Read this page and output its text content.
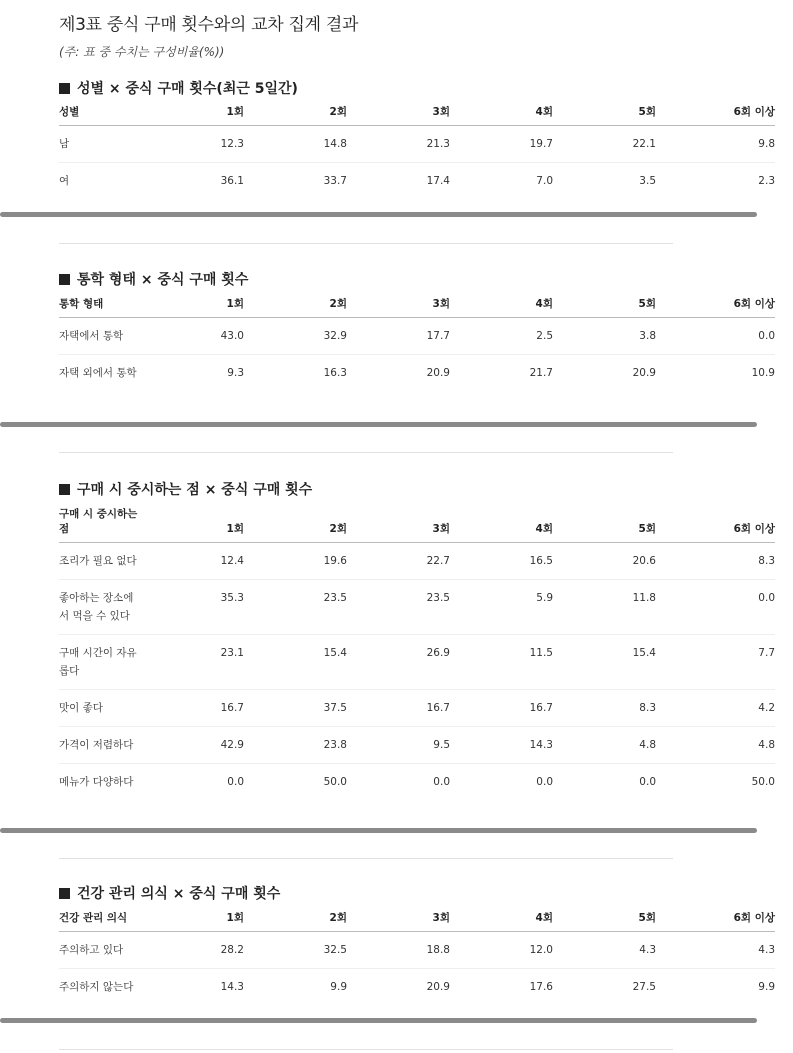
제3표 중식 구매 횟수와의 교차 집계 결과
(주: 표 중 수치는 구성비율(%))
성별 × 중식 구매 횟수(최근 5일간)
성별	1회	2회	3회	4회	5회	6회 이상

남	12.3	14.8	21.3	19.7	22.1	9.8

여	36.1	33.7	17.4	7.0	3.5	2.3
통학 형태 × 중식 구매 횟수
통학 형태	1회	2회	3회	4회	5회	6회 이상

자택에서 통학	43.0	32.9	17.7	2.5	3.8	0.0

자택 외에서 통학	9.3	16.3	20.9	21.7	20.9	10.9
구매 시 중시하는 점 × 중식 구매 횟수
구매 시 중시하는 점	1회	2회	3회	4회	5회	6회 이상

조리가 필요 없다	12.4	19.6	22.7	16.5	20.6	8.3

좋아하는 장소에서 먹을 수 있다	35.3	23.5	23.5	5.9	11.8	0.0

구매 시간이 자유롭다	23.1	15.4	26.9	11.5	15.4	7.7

맛이 좋다	16.7	37.5	16.7	16.7	8.3	4.2

가격이 저렴하다	42.9	23.8	9.5	14.3	4.8	4.8

메뉴가 다양하다	0.0	50.0	0.0	0.0	0.0	50.0
건강 관리 의식 × 중식 구매 횟수
건강 관리 의식	1회	2회	3회	4회	5회	6회 이상

주의하고 있다	28.2	32.5	18.8	12.0	4.3	4.3

주의하지 않는다	14.3	9.9	20.9	17.6	27.5	9.9
